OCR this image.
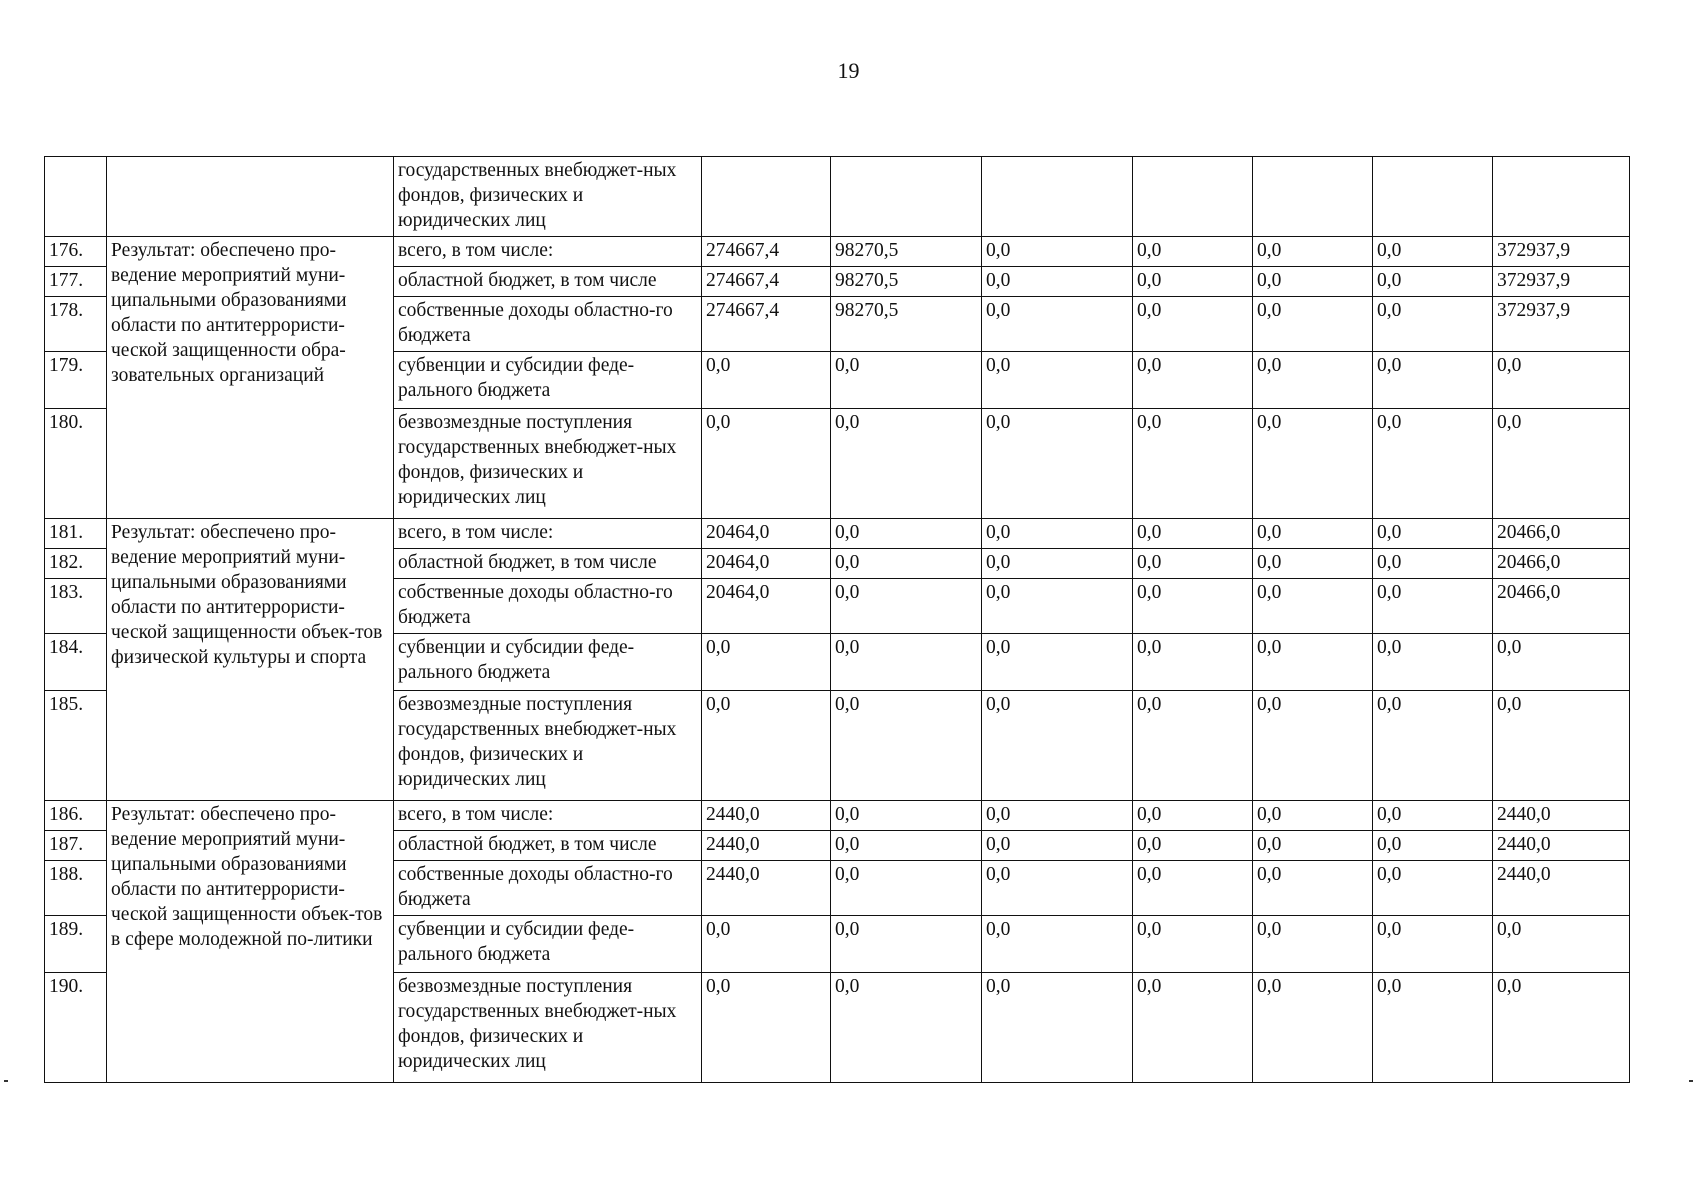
19
		государственных внебюджет-ных фондов, физических и юридических лиц							
176.	Результат: обеспечено про-ведение мероприятий муни-ципальными образованиями области по антитеррористи-ческой защищенности обра-зовательных организаций	всего, в том числе:	274667,4	98270,5	0,0	0,0	0,0	0,0	372937,9
177.		областной бюджет, в том числе	274667,4	98270,5	0,0	0,0	0,0	0,0	372937,9
178.		собственные доходы областно-го бюджета	274667,4	98270,5	0,0	0,0	0,0	0,0	372937,9
179.		субвенции и субсидии феде-рального бюджета	0,0	0,0	0,0	0,0	0,0	0,0	0,0
180.		безвозмездные поступления государственных внебюджет-ных фондов, физических и юридических лиц	0,0	0,0	0,0	0,0	0,0	0,0	0,0
181.	Результат: обеспечено про-ведение мероприятий муни-ципальными образованиями области по антитеррористи-ческой защищенности объек-тов физической культуры и спорта	всего, в том числе:	20464,0	0,0	0,0	0,0	0,0	0,0	20466,0
182.		областной бюджет, в том числе	20464,0	0,0	0,0	0,0	0,0	0,0	20466,0
183.		собственные доходы областно-го бюджета	20464,0	0,0	0,0	0,0	0,0	0,0	20466,0
184.		субвенции и субсидии феде-рального бюджета	0,0	0,0	0,0	0,0	0,0	0,0	0,0
185.		безвозмездные поступления государственных внебюджет-ных фондов, физических и юридических лиц	0,0	0,0	0,0	0,0	0,0	0,0	0,0
186.	Результат: обеспечено про-ведение мероприятий муни-ципальными образованиями области по антитеррористи-ческой защищенности объек-тов в сфере молодежной по-литики	всего, в том числе:	2440,0	0,0	0,0	0,0	0,0	0,0	2440,0
187.		областной бюджет, в том числе	2440,0	0,0	0,0	0,0	0,0	0,0	2440,0
188.		собственные доходы областно-го бюджета	2440,0	0,0	0,0	0,0	0,0	0,0	2440,0
189.		субвенции и субсидии феде-рального бюджета	0,0	0,0	0,0	0,0	0,0	0,0	0,0
190.		безвозмездные поступления государственных внебюджет-ных фондов, физических и юридических лиц	0,0	0,0	0,0	0,0	0,0	0,0	0,0
